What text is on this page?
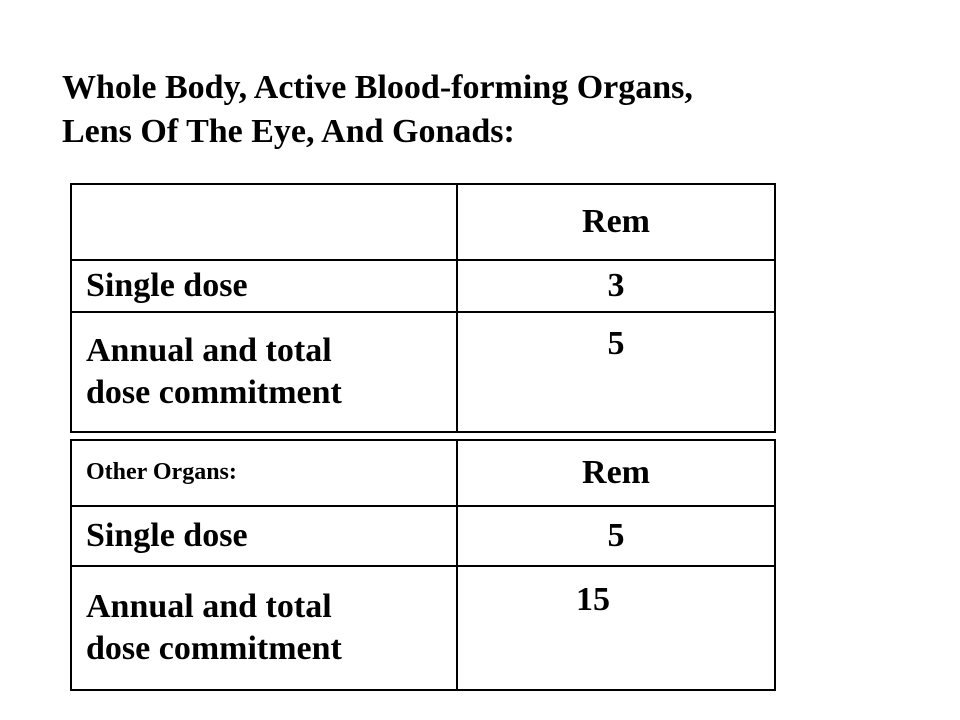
Whole Body, Active Blood-forming Organs,
Lens Of The Eye, And Gonads:
	Rem

Single dose	3

Annual and total
dose commitment	5
Other Organs:	Rem

Single dose	5

Annual and total
dose commitment	15
